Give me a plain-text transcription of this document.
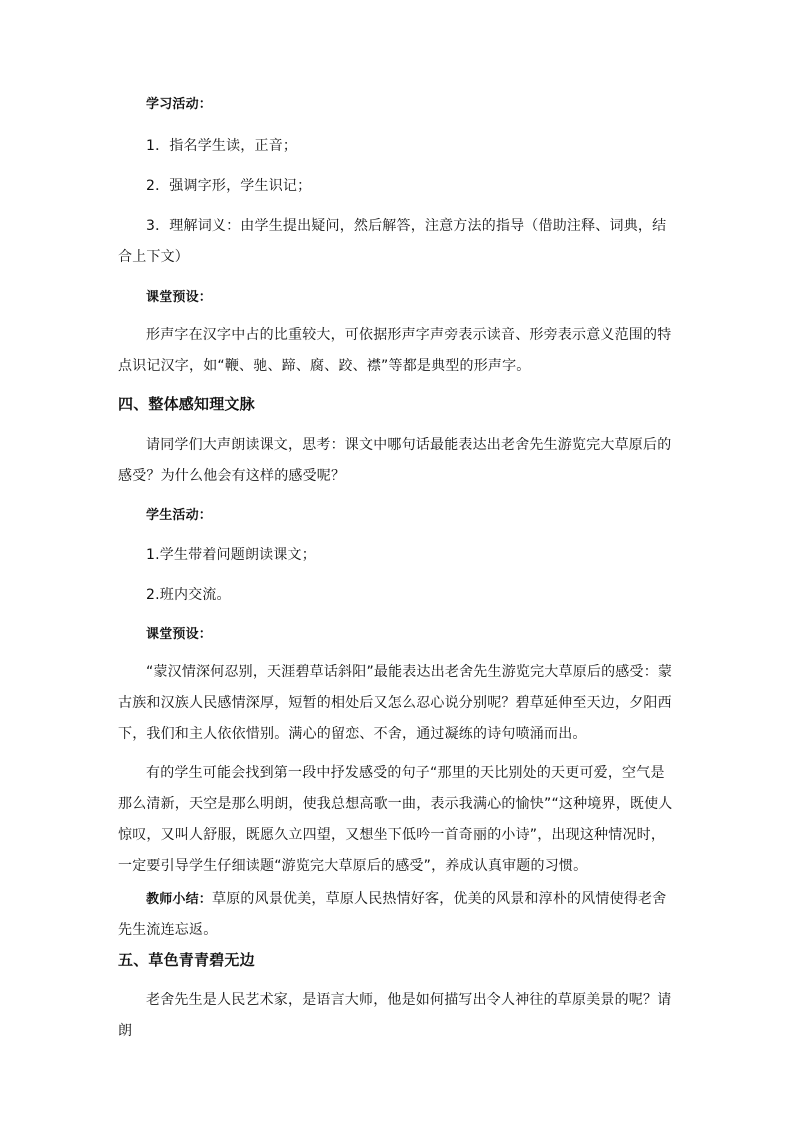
学习活动：

1．指名学生读，正音；

2．强调字形，学生识记；

3．理解词义：由学生提出疑问，然后解答，注意方法的指导（借助注释、词典，结合上下文）

课堂预设：

形声字在汉字中占的比重较大，可依据形声字声旁表示读音、形旁表示意义范围的特点识记汉字，如“鞭、驰、蹄、腐、跤、襟”等都是典型的形声字。

四、整体感知理文脉

请同学们大声朗读课文，思考：课文中哪句话最能表达出老舍先生游览完大草原后的感受？为什么他会有这样的感受呢？

学生活动：

1.学生带着问题朗读课文；

2.班内交流。

课堂预设：

“蒙汉情深何忍别，天涯碧草话斜阳”最能表达出老舍先生游览完大草原后的感受：蒙古族和汉族人民感情深厚，短暂的相处后又怎么忍心说分别呢？碧草延伸至天边，夕阳西下，我们和主人依依惜别。满心的留恋、不舍，通过凝练的诗句喷涌而出。

有的学生可能会找到第一段中抒发感受的句子“那里的天比别处的天更可爱，空气是那么清新，天空是那么明朗，使我总想高歌一曲，表示我满心的愉快”“这种境界，既使人惊叹，又叫人舒服，既愿久立四望，又想坐下低吟一首奇丽的小诗”，出现这种情况时，一定要引导学生仔细读题“游览完大草原后的感受”，养成认真审题的习惯。

教师小结：草原的风景优美，草原人民热情好客，优美的风景和淳朴的风情使得老舍先生流连忘返。

五、草色青青碧无边

老舍先生是人民艺术家，是语言大师，他是如何描写出令人神往的草原美景的呢？请朗
